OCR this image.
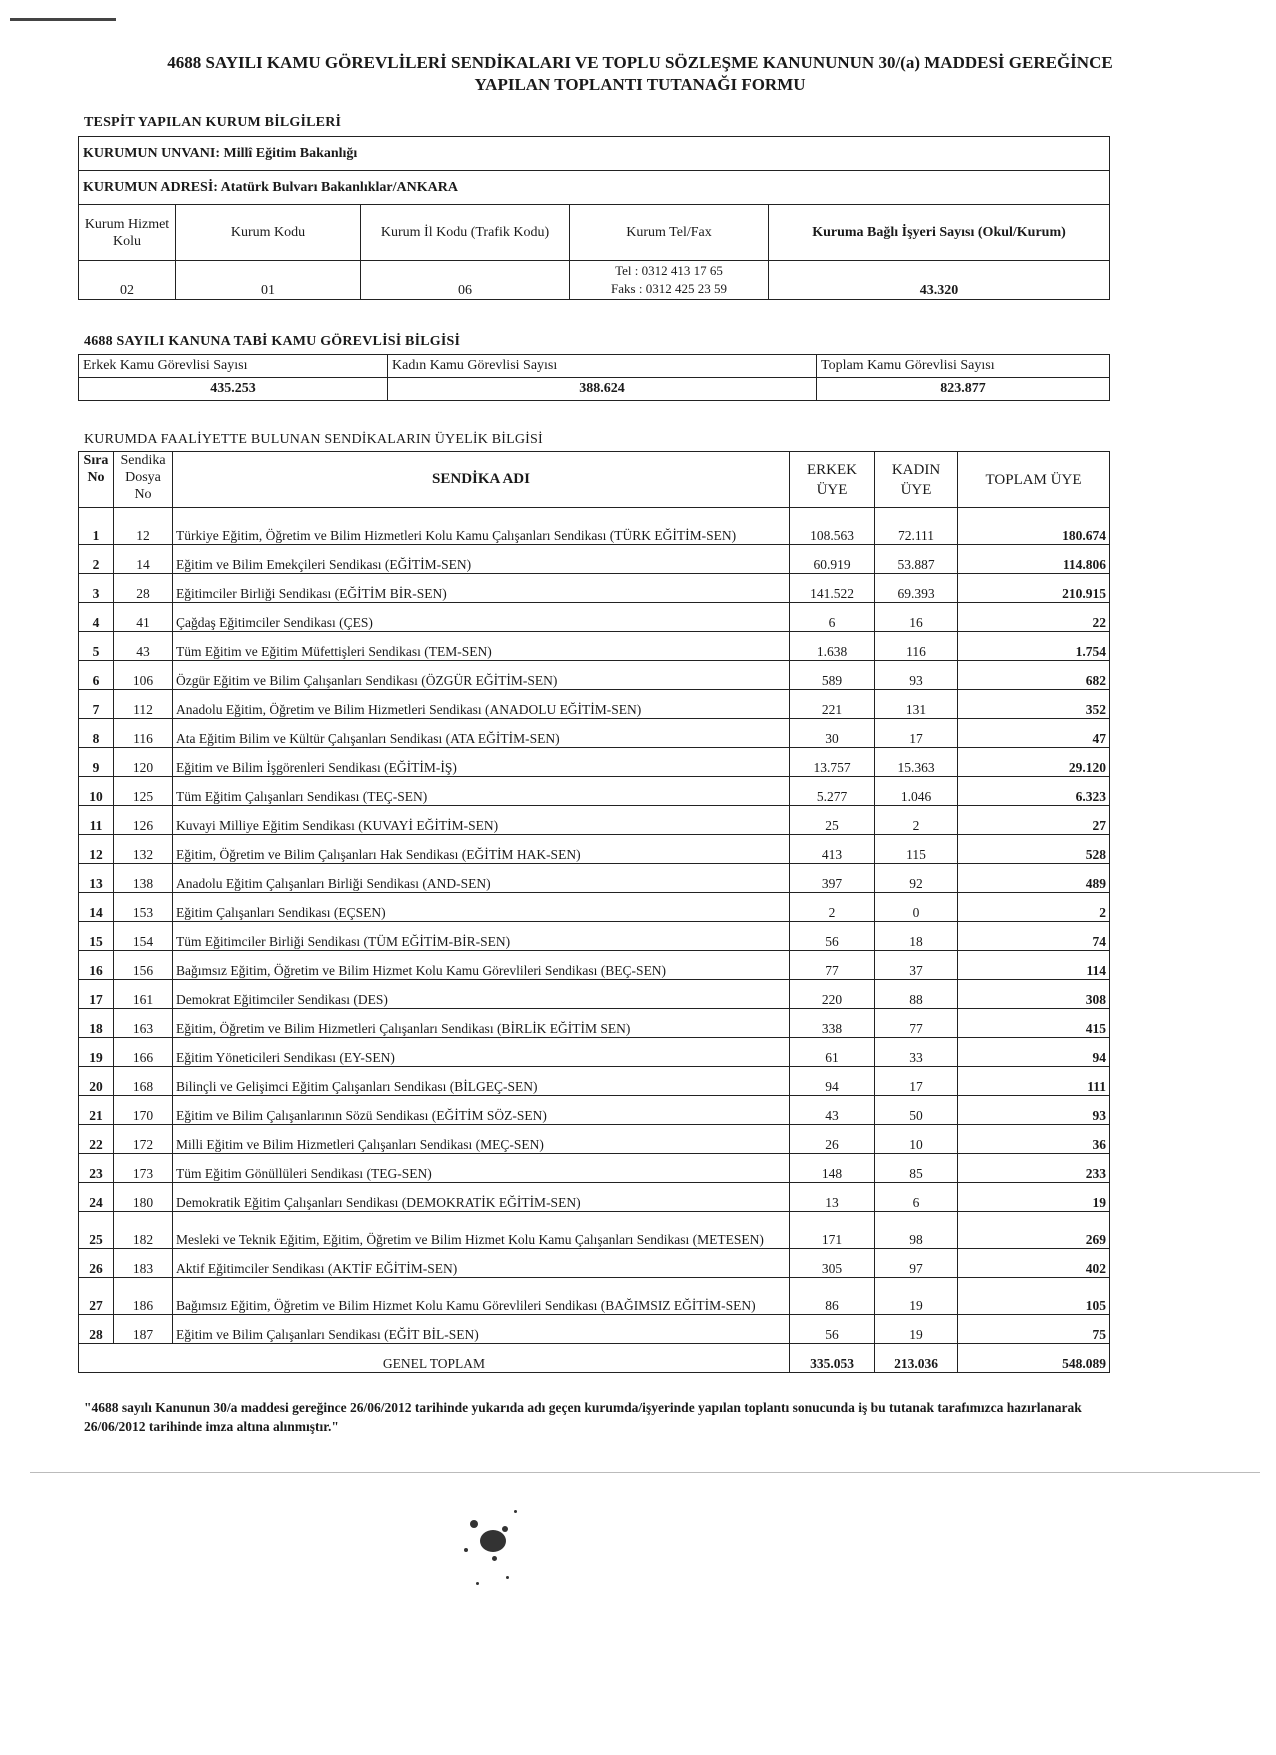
4688 SAYILI KAMU GÖREVLİLERİ SENDİKALARI VE TOPLU SÖZLEŞME KANUNUNUN 30/(a) MADDESİ GEREĞİNCE
YAPILAN TOPLANTI TUTANAĞI FORMU
TESPİT YAPILAN KURUM BİLGİLERİ
KURUMUN UNVANI: Millî Eğitim Bakanlığı				
KURUMUN ADRESİ: Atatürk Bulvarı Bakanlıklar/ANKARA				
Kurum Hizmet Kolu	Kurum Kodu	Kurum İl Kodu (Trafik Kodu)	Kurum Tel/Fax	Kuruma Bağlı İşyeri Sayısı (Okul/Kurum)
02	01	06	Tel : 0312 413 17 65
Faks : 0312 425 23 59	43.320
4688 SAYILI KANUNA TABİ KAMU GÖREVLİSİ BİLGİSİ
Erkek Kamu Görevlisi Sayısı	Kadın Kamu Görevlisi Sayısı	Toplam Kamu Görevlisi Sayısı
435.253	388.624	823.877
KURUMDA FAALİYETTE BULUNAN SENDİKALARIN ÜYELİK BİLGİSİ
Sıra No	Sendika Dosya No	SENDİKA ADI	ERKEK ÜYE	KADIN ÜYE	TOPLAM ÜYE
1	12	Türkiye Eğitim, Öğretim ve Bilim Hizmetleri Kolu Kamu Çalışanları Sendikası (TÜRK EĞİTİM-SEN)	108.563	72.111	180.674
2	14	Eğitim ve Bilim Emekçileri Sendikası (EĞİTİM-SEN)	60.919	53.887	114.806
3	28	Eğitimciler Birliği Sendikası (EĞİTİM BİR-SEN)	141.522	69.393	210.915
4	41	Çağdaş Eğitimciler Sendikası (ÇES)	6	16	22
5	43	Tüm Eğitim ve Eğitim Müfettişleri Sendikası (TEM-SEN)	1.638	116	1.754
6	106	Özgür Eğitim ve Bilim Çalışanları Sendikası (ÖZGÜR EĞİTİM-SEN)	589	93	682
7	112	Anadolu Eğitim, Öğretim ve Bilim Hizmetleri Sendikası (ANADOLU EĞİTİM-SEN)	221	131	352
8	116	Ata Eğitim Bilim ve Kültür Çalışanları Sendikası (ATA EĞİTİM-SEN)	30	17	47
9	120	Eğitim ve Bilim İşgörenleri Sendikası (EĞİTİM-İŞ)	13.757	15.363	29.120
10	125	Tüm Eğitim Çalışanları Sendikası (TEÇ-SEN)	5.277	1.046	6.323
11	126	Kuvayi Milliye Eğitim Sendikası (KUVAYİ EĞİTİM-SEN)	25	2	27
12	132	Eğitim, Öğretim ve Bilim Çalışanları Hak Sendikası (EĞİTİM HAK-SEN)	413	115	528
13	138	Anadolu Eğitim Çalışanları Birliği Sendikası (AND-SEN)	397	92	489
14	153	Eğitim Çalışanları Sendikası (EÇSEN)	2	0	2
15	154	Tüm Eğitimciler Birliği Sendikası (TÜM EĞİTİM-BİR-SEN)	56	18	74
16	156	Bağımsız Eğitim, Öğretim ve Bilim Hizmet Kolu Kamu Görevlileri Sendikası (BEÇ-SEN)	77	37	114
17	161	Demokrat Eğitimciler Sendikası (DES)	220	88	308
18	163	Eğitim, Öğretim ve Bilim Hizmetleri Çalışanları Sendikası (BİRLİK EĞİTİM SEN)	338	77	415
19	166	Eğitim Yöneticileri Sendikası (EY-SEN)	61	33	94
20	168	Bilinçli ve Gelişimci Eğitim Çalışanları Sendikası (BİLGEÇ-SEN)	94	17	111
21	170	Eğitim ve Bilim Çalışanlarının Sözü Sendikası (EĞİTİM SÖZ-SEN)	43	50	93
22	172	Milli Eğitim ve Bilim Hizmetleri Çalışanları Sendikası (MEÇ-SEN)	26	10	36
23	173	Tüm Eğitim Gönüllüleri Sendikası (TEG-SEN)	148	85	233
24	180	Demokratik Eğitim Çalışanları Sendikası (DEMOKRATİK EĞİTİM-SEN)	13	6	19
25	182	Mesleki ve Teknik Eğitim, Eğitim, Öğretim ve Bilim Hizmet Kolu Kamu Çalışanları Sendikası (METESEN)	171	98	269
26	183	Aktif Eğitimciler Sendikası (AKTİF EĞİTİM-SEN)	305	97	402
27	186	Bağımsız Eğitim, Öğretim ve Bilim Hizmet Kolu Kamu Görevlileri Sendikası (BAĞIMSIZ EĞİTİM-SEN)	86	19	105
28	187	Eğitim ve Bilim Çalışanları Sendikası (EĞİT BİL-SEN)	56	19	75
GENEL TOPLAM			335.053	213.036	548.089
"4688 sayılı Kanunun 30/a maddesi gereğince 26/06/2012 tarihinde yukarıda adı geçen kurumda/işyerinde yapılan toplantı sonucunda iş bu tutanak tarafımızca hazırlanarak 26/06/2012 tarihinde imza altına alınmıştır."
